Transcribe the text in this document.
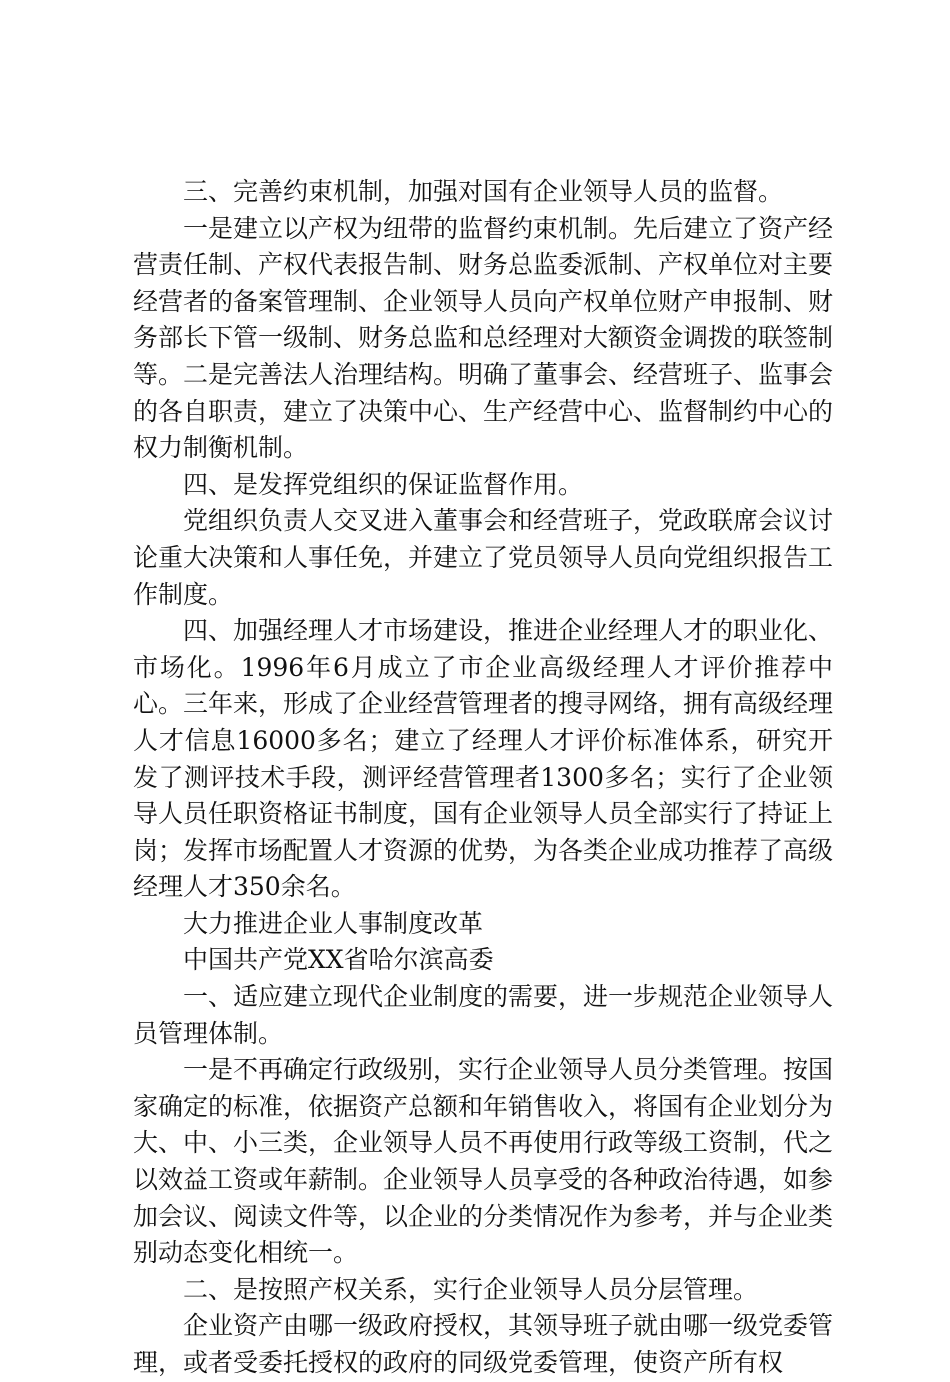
三、完善约束机制，加强对国有企业领导人员的监督。

一是建立以产权为纽带的监督约束机制。先后建立了资产经营责任制、产权代表报告制、财务总监委派制、产权单位对主要经营者的备案管理制、企业领导人员向产权单位财产申报制、财务部长下管一级制、财务总监和总经理对大额资金调拨的联签制等。二是完善法人治理结构。明确了董事会、经营班子、监事会的各自职责，建立了决策中心、生产经营中心、监督制约中心的权力制衡机制。

四、是发挥党组织的保证监督作用。

党组织负责人交叉进入董事会和经营班子，党政联席会议讨论重大决策和人事任免，并建立了党员领导人员向党组织报告工作制度。

四、加强经理人才市场建设，推进企业经理人才的职业化、市场化。1996年6月成立了市企业高级经理人才评价推荐中心。三年来，形成了企业经营管理者的搜寻网络，拥有高级经理人才信息16000多名；建立了经理人才评价标准体系，研究开发了测评技术手段，测评经营管理者1300多名；实行了企业领导人员任职资格证书制度，国有企业领导人员全部实行了持证上岗；发挥市场配置人才资源的优势，为各类企业成功推荐了高级经理人才350余名。

大力推进企业人事制度改革

中国共产党XX省哈尔滨高委

一、适应建立现代企业制度的需要，进一步规范企业领导人员管理体制。

一是不再确定行政级别，实行企业领导人员分类管理。按国家确定的标准，依据资产总额和年销售收入，将国有企业划分为大、中、小三类，企业领导人员不再使用行政等级工资制，代之以效益工资或年薪制。企业领导人员享受的各种政治待遇，如参加会议、阅读文件等，以企业的分类情况作为参考，并与企业类别动态变化相统一。

二、是按照产权关系，实行企业领导人员分层管理。

企业资产由哪一级政府授权，其领导班子就由哪一级党委管理，或者受委托授权的政府的同级党委管理，使资产所有权
